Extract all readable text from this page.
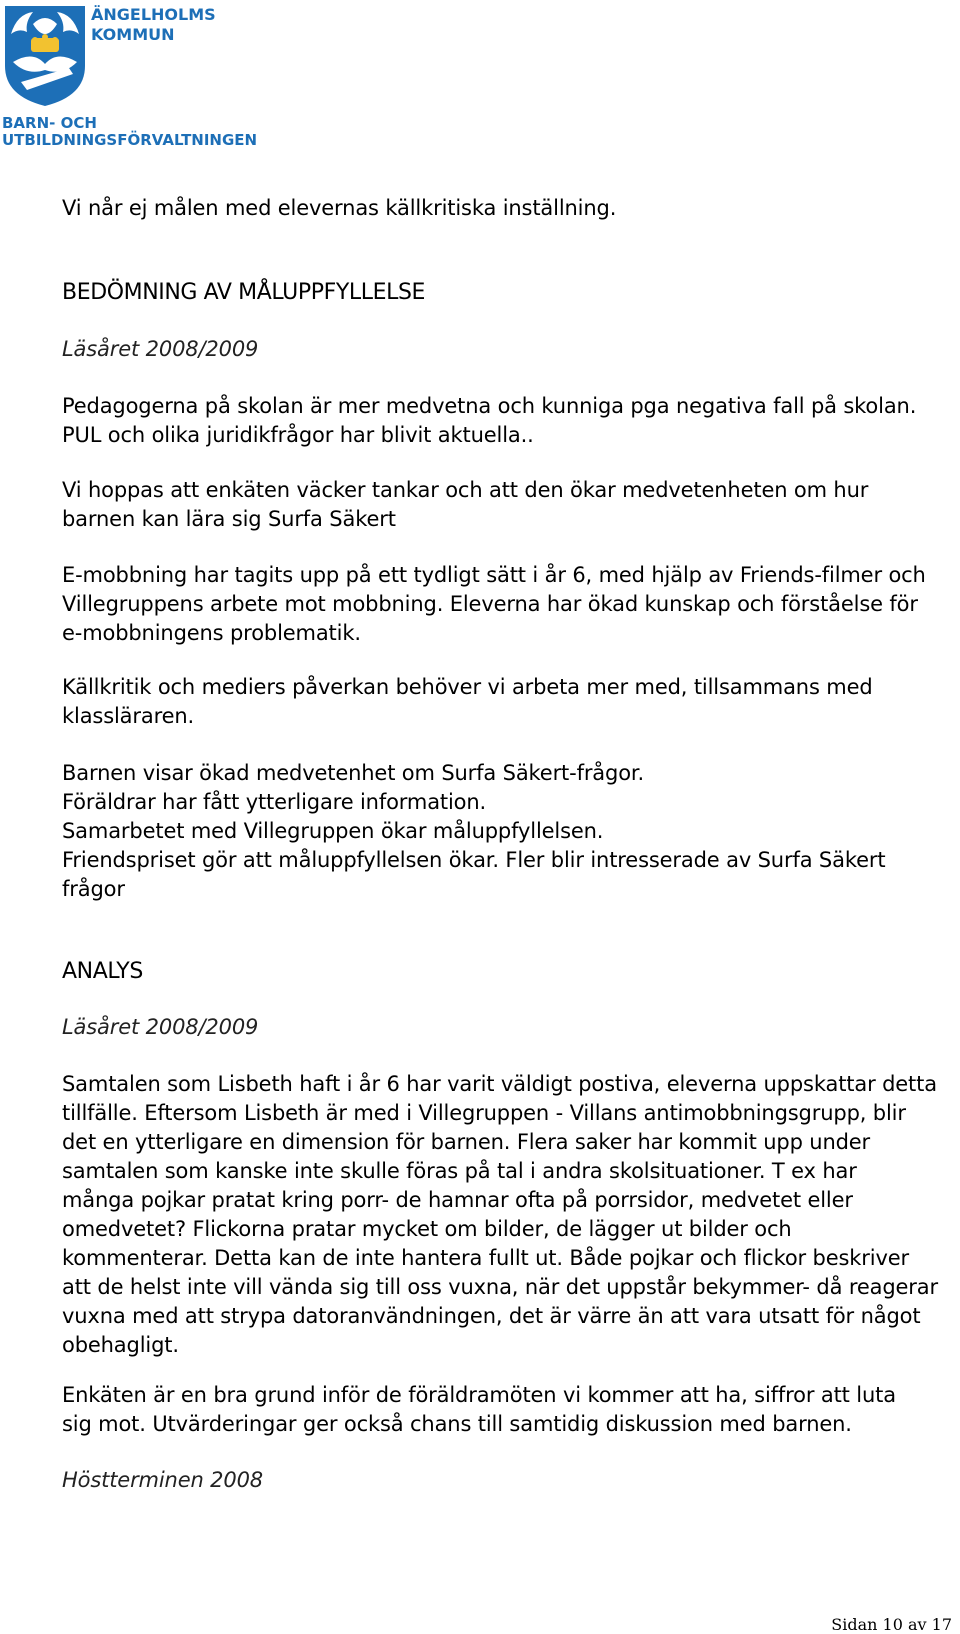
ÄNGELHOLMS
KOMMUN
BARN- OCH
UTBILDNINGSFÖRVALTNINGEN

Vi når ej målen med elevernas källkritiska inställning.

BEDÖMNING AV MÅLUPPFYLLELSE

Läsåret 2008/2009

Pedagogerna på skolan är mer medvetna och kunniga pga negativa fall på skolan.
PUL och olika juridikfrågor har blivit aktuella..

Vi hoppas att enkäten väcker tankar och att den ökar medvetenheten om hur
barnen kan lära sig Surfa Säkert

E-mobbning har tagits upp på ett tydligt sätt i år 6, med hjälp av Friends-filmer och
Villegruppens arbete mot mobbning. Eleverna har ökad kunskap och förståelse för
e-mobbningens problematik.

Källkritik och mediers påverkan behöver vi arbeta mer med, tillsammans med
klassläraren.

Barnen visar ökad medvetenhet om Surfa Säkert-frågor.
Föräldrar har fått ytterligare information.
Samarbetet med Villegruppen ökar måluppfyllelsen.
Friendspriset gör att måluppfyllelsen ökar. Fler blir intresserade av Surfa Säkert
frågor

ANALYS

Läsåret 2008/2009

Samtalen som Lisbeth haft i år 6 har varit väldigt postiva, eleverna uppskattar detta
tillfälle. Eftersom Lisbeth är med i Villegruppen - Villans antimobbningsgrupp, blir
det en ytterligare en dimension för barnen. Flera saker har kommit upp under
samtalen som kanske inte skulle föras på tal i andra skolsituationer. T ex har
många pojkar pratat kring porr- de hamnar ofta på porrsidor, medvetet eller
omedvetet? Flickorna pratar mycket om bilder, de lägger ut bilder och
kommenterar. Detta kan de inte hantera fullt ut. Både pojkar och flickor beskriver
att de helst inte vill vända sig till oss vuxna, när det uppstår bekymmer- då reagerar
vuxna med att strypa datoranvändningen, det är värre än att vara utsatt för något
obehagligt.

Enkäten är en bra grund inför de föräldramöten vi kommer att ha, siffror att luta
sig mot. Utvärderingar ger också chans till samtidig diskussion med barnen.

Höstterminen 2008

Sidan 10 av 17
